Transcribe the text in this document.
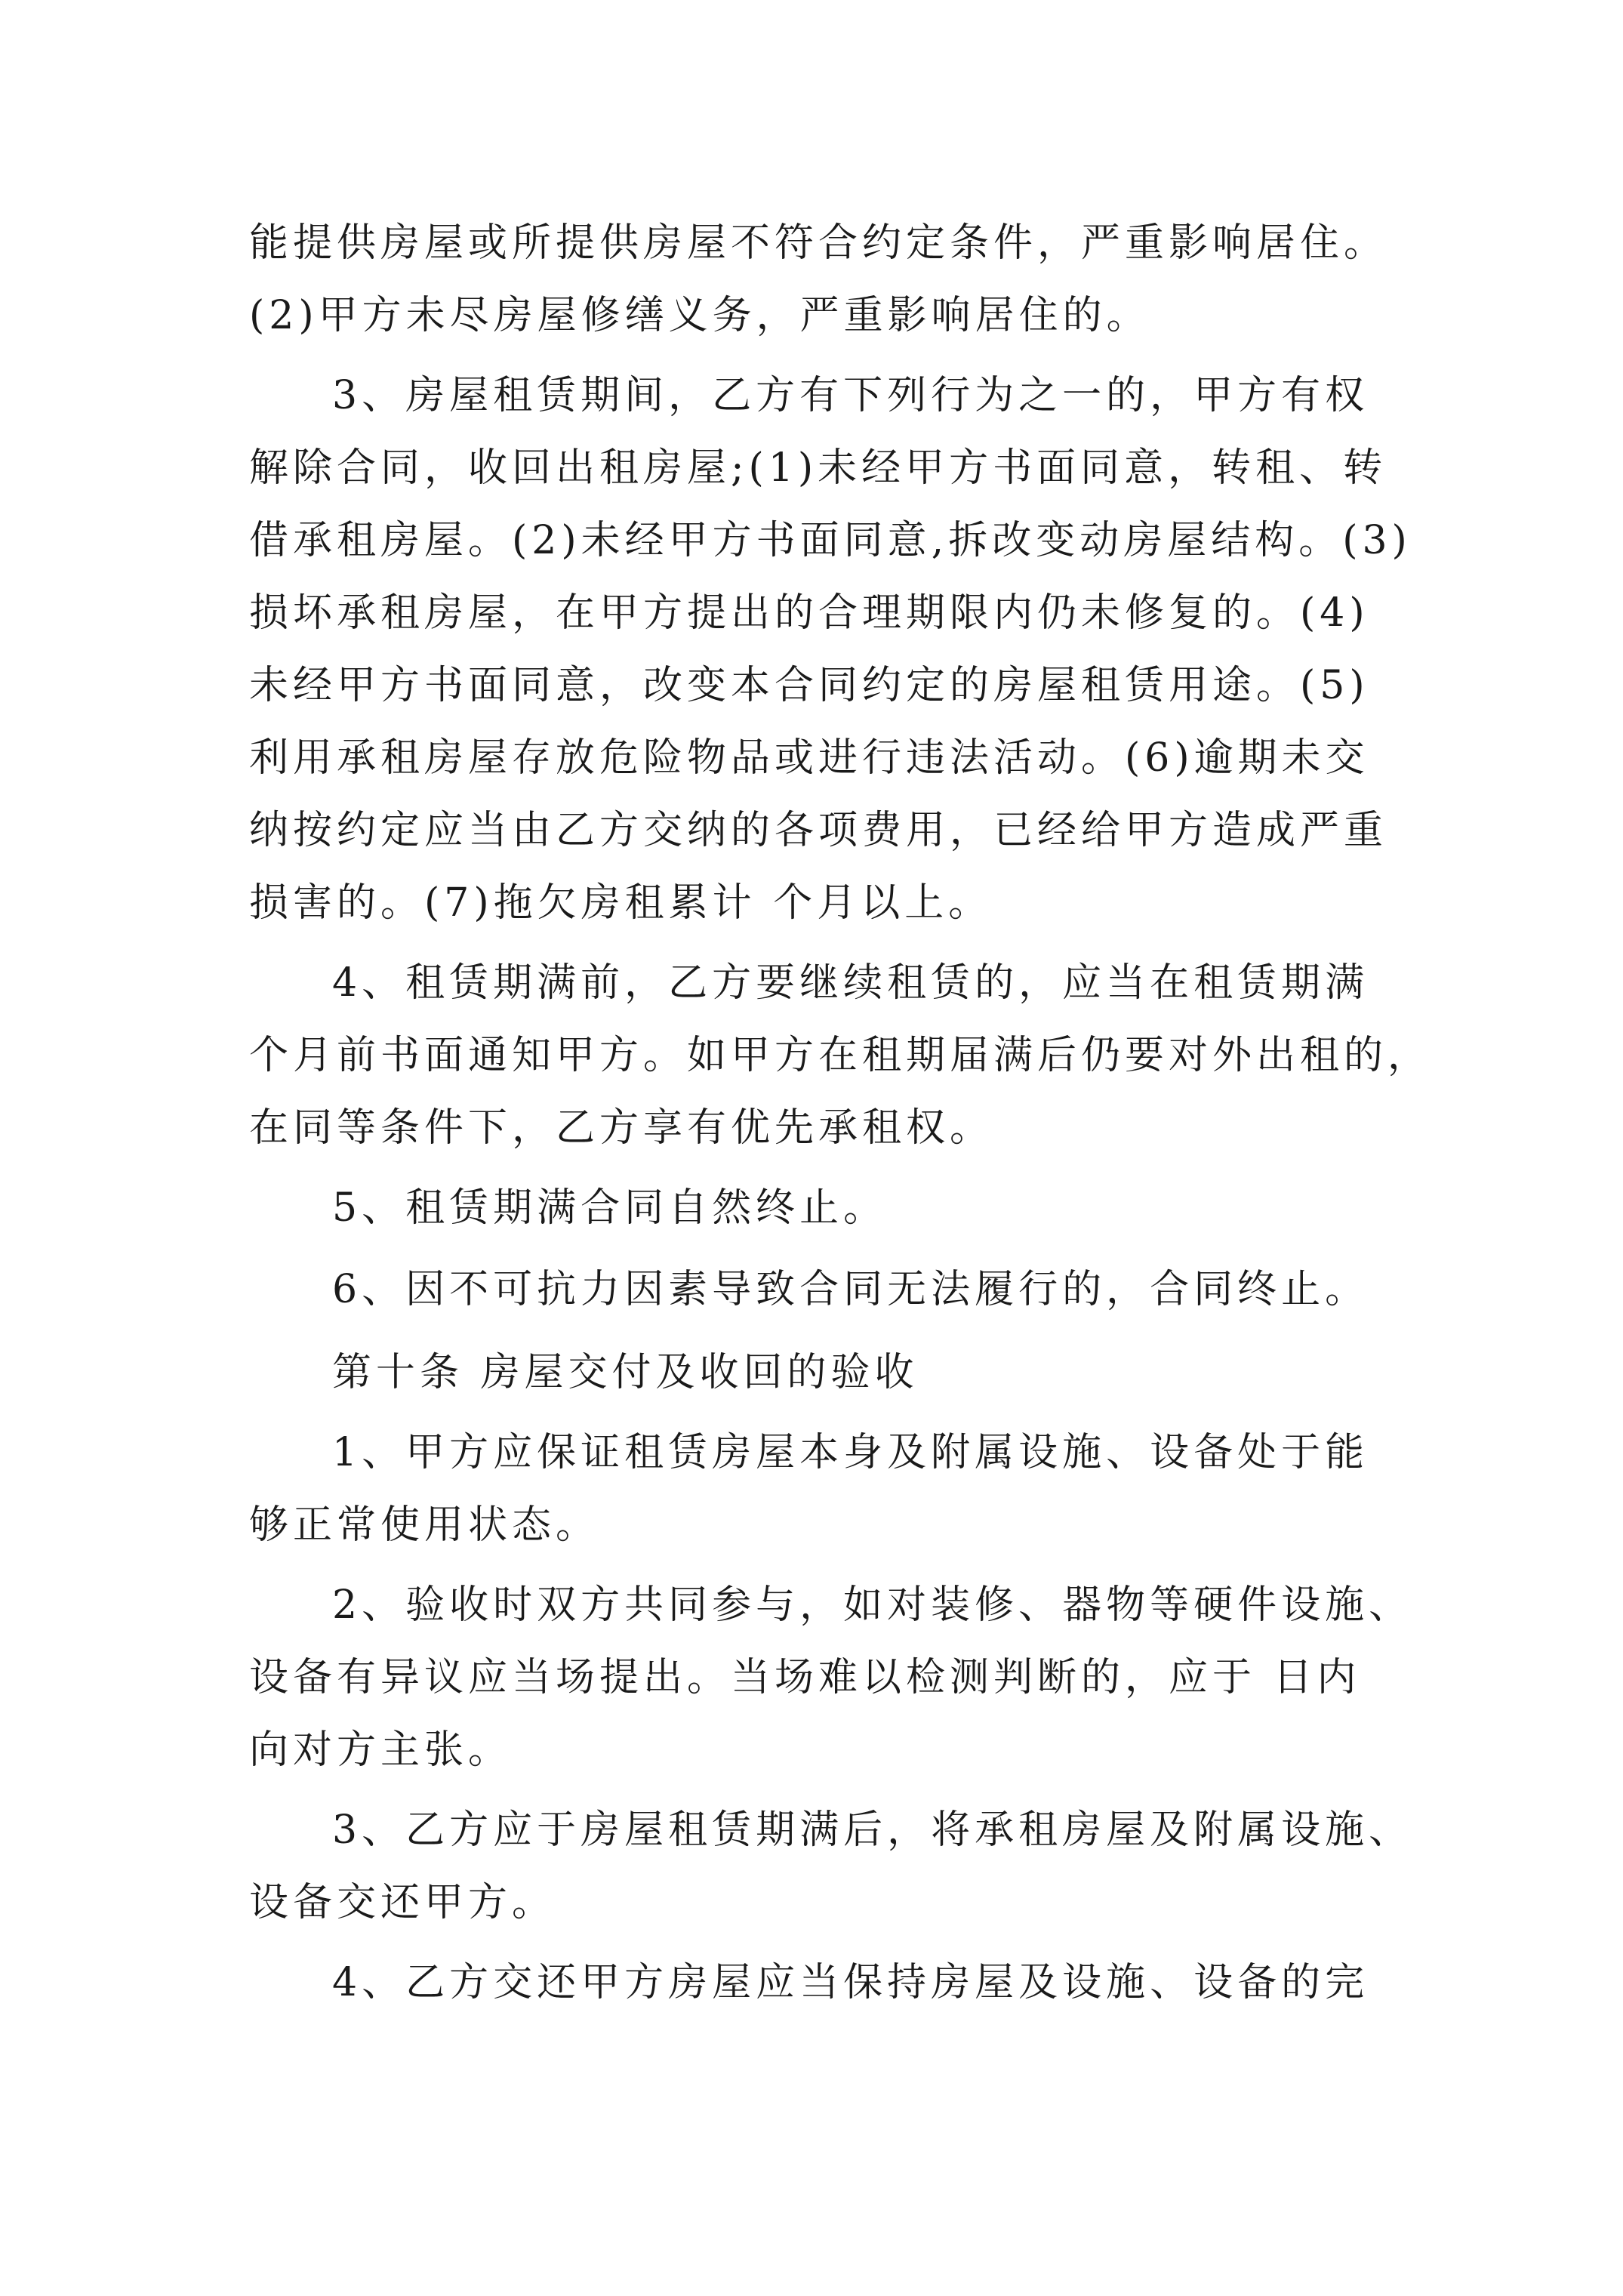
能提供房屋或所提供房屋不符合约定条件，严重影响居住。
(2)甲方未尽房屋修缮义务，严重影响居住的。
3、房屋租赁期间，乙方有下列行为之一的，甲方有权
解除合同，收回出租房屋;(1)未经甲方书面同意，转租、转
借承租房屋。(2)未经甲方书面同意,拆改变动房屋结构。(3)
损坏承租房屋，在甲方提出的合理期限内仍未修复的。(4)
未经甲方书面同意，改变本合同约定的房屋租赁用途。(5)
利用承租房屋存放危险物品或进行违法活动。(6)逾期未交
纳按约定应当由乙方交纳的各项费用，已经给甲方造成严重
损害的。(7)拖欠房租累计 个月以上。
4、租赁期满前，乙方要继续租赁的，应当在租赁期满
个月前书面通知甲方。如甲方在租期届满后仍要对外出租的，
在同等条件下，乙方享有优先承租权。
5、租赁期满合同自然终止。
6、因不可抗力因素导致合同无法履行的，合同终止。
第十条 房屋交付及收回的验收
1、甲方应保证租赁房屋本身及附属设施、设备处于能
够正常使用状态。
2、验收时双方共同参与，如对装修、器物等硬件设施、
设备有异议应当场提出。当场难以检测判断的，应于 日内
向对方主张。
3、乙方应于房屋租赁期满后，将承租房屋及附属设施、
设备交还甲方。
4、乙方交还甲方房屋应当保持房屋及设施、设备的完
